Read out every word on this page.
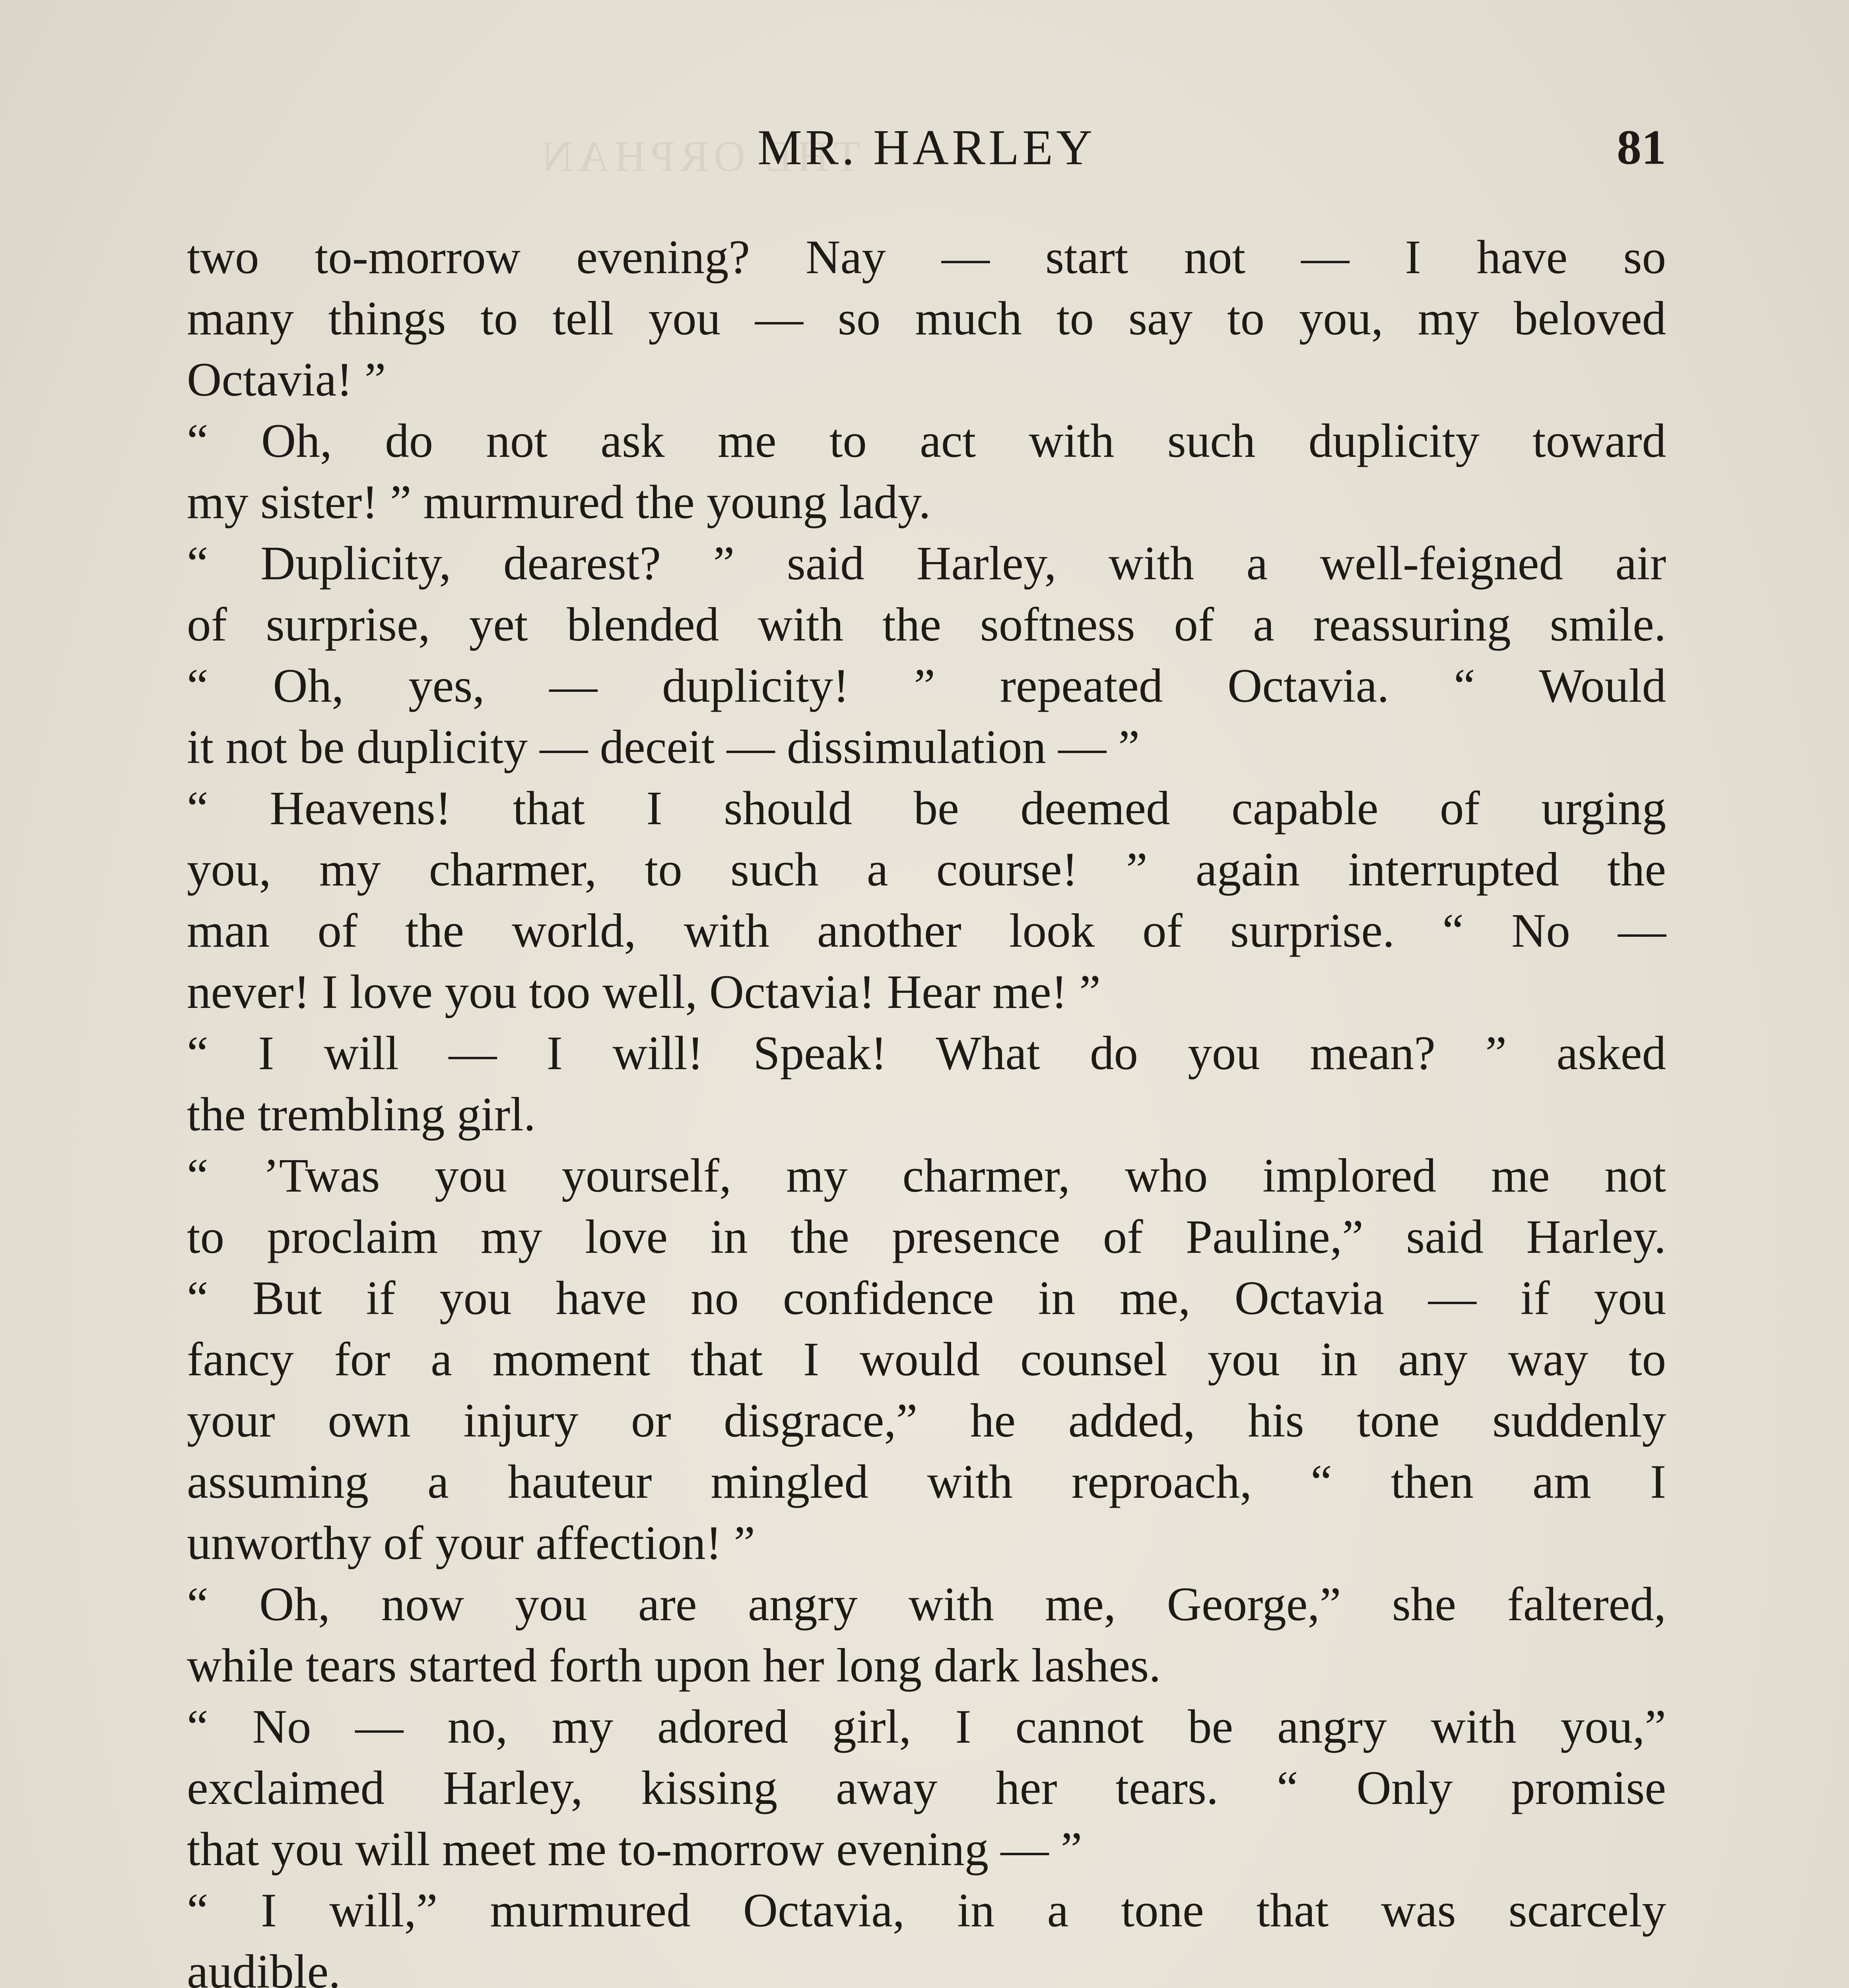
THE ORPHAN
MR. HARLEY	81
two to-morrow evening? Nay — start not — I have so
many things to tell you — so much to say to you, my beloved
Octavia! ”
“ Oh, do not ask me to act with such duplicity toward
my sister! ” murmured the young lady.
“ Duplicity, dearest? ” said Harley, with a well-feigned air
of surprise, yet blended with the softness of a reassuring smile.
“ Oh, yes, — duplicity! ” repeated Octavia. “ Would
it not be duplicity — deceit — dissimulation — ”
“ Heavens! that I should be deemed capable of urging
you, my charmer, to such a course! ” again interrupted the
man of the world, with another look of surprise. “ No —
never! I love you too well, Octavia! Hear me! ”
“ I will — I will! Speak! What do you mean? ” asked
the trembling girl.
“ ’Twas you yourself, my charmer, who implored me not
to proclaim my love in the presence of Pauline,” said Harley.
“ But if you have no confidence in me, Octavia — if you
fancy for a moment that I would counsel you in any way to
your own injury or disgrace,” he added, his tone suddenly
assuming a hauteur mingled with reproach, “ then am I
unworthy of your affection! ”
“ Oh, now you are angry with me, George,” she faltered,
while tears started forth upon her long dark lashes.
“ No — no, my adored girl, I cannot be angry with you,”
exclaimed Harley, kissing away her tears. “ Only promise
that you will meet me to-morrow evening — ”
“ I will,” murmured Octavia, in a tone that was scarcely
audible.
